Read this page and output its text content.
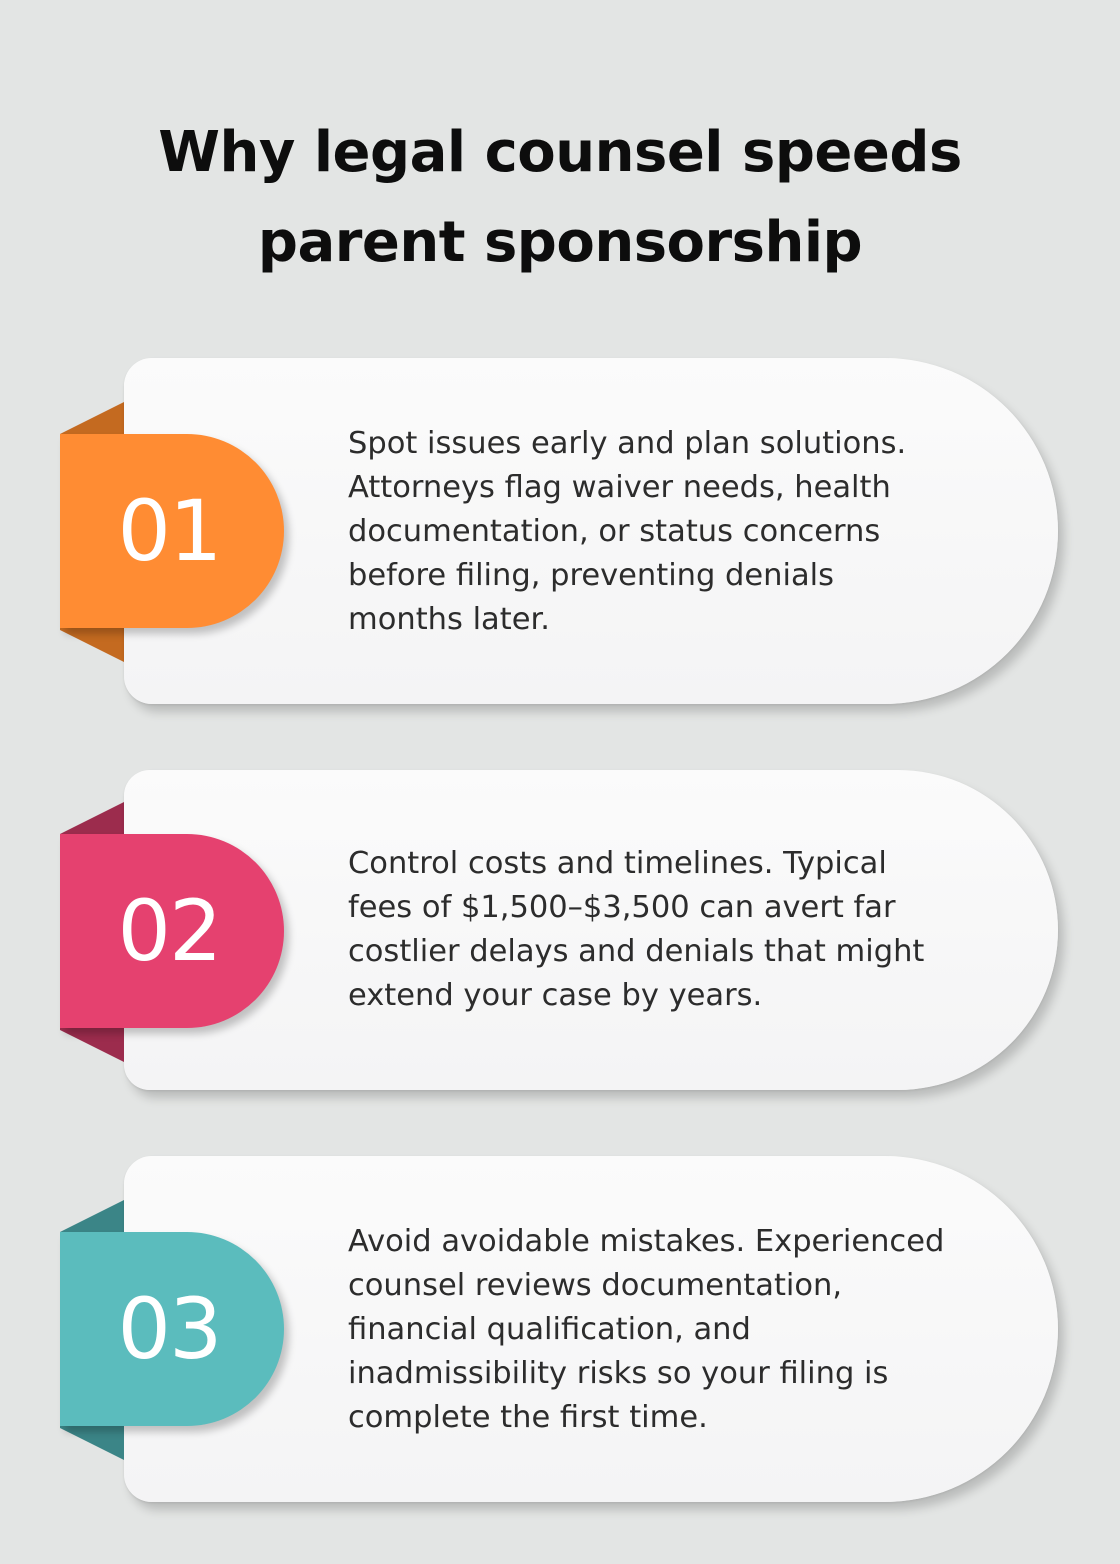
Why legal counsel speeds
parent sponsorship
01
Spot issues early and plan solutions. Attorneys flag waiver needs, health documentation, or status concerns before filing, preventing denials months later.
02
Control costs and timelines. Typical fees of $1,500–$3,500 can avert far costlier delays and denials that might extend your case by years.
03
Avoid avoidable mistakes. Experienced counsel reviews documentation, financial qualification, and inadmissibility risks so your filing is complete the first time.
